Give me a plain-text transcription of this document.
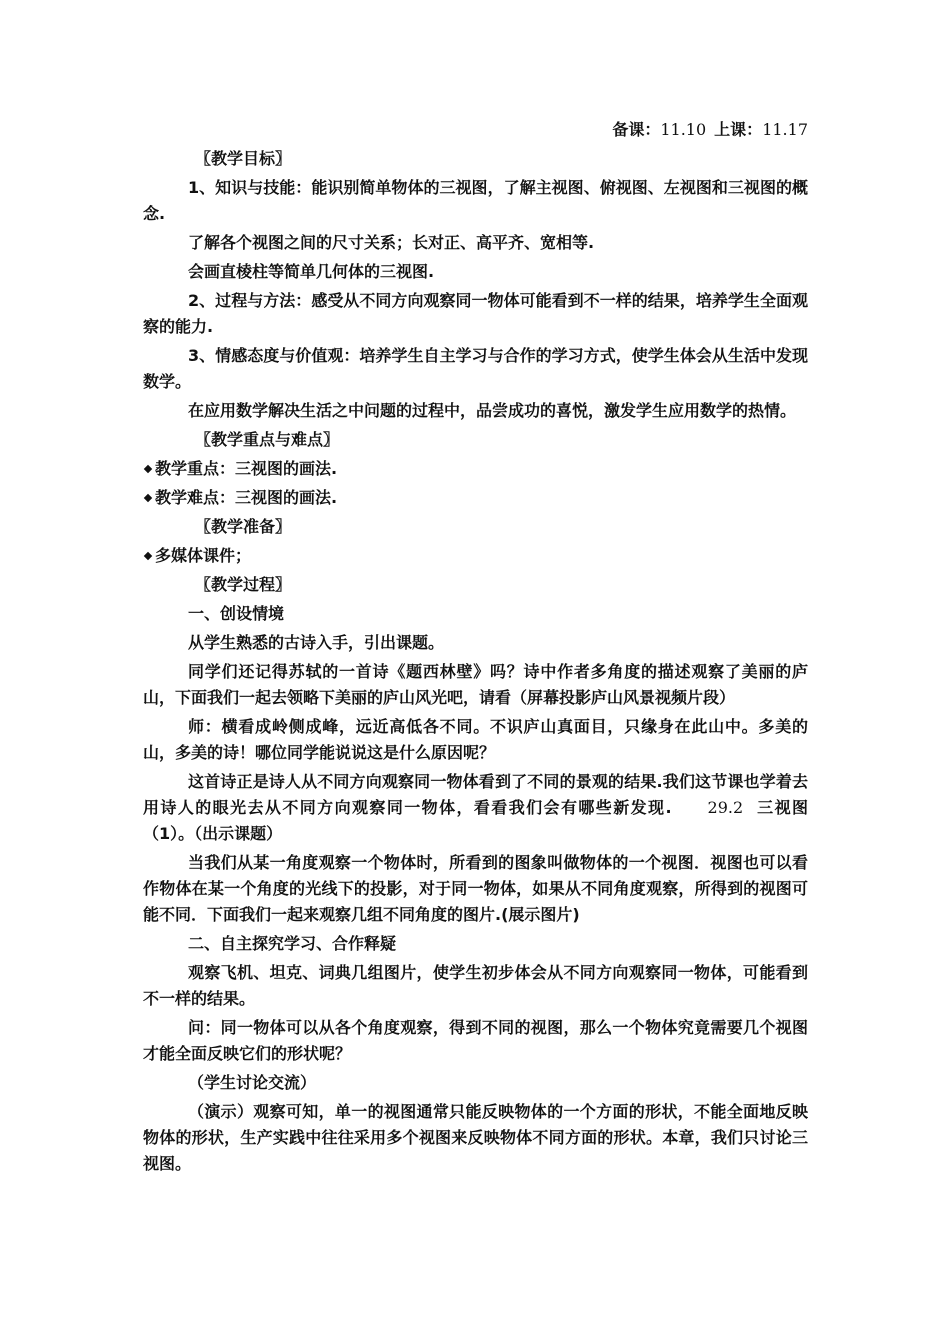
备课：11.10 上课：11.17
〖教学目标〗
1、知识与技能：能识别简单物体的三视图，了解主视图、俯视图、左视图和三视图的概念.
了解各个视图之间的尺寸关系；长对正、高平齐、宽相等.
会画直棱柱等简单几何体的三视图.
2、过程与方法：感受从不同方向观察同一物体可能看到不一样的结果，培养学生全面观察的能力.
3、情感态度与价值观：培养学生自主学习与合作的学习方式，使学生体会从生活中发现数学。
在应用数学解决生活之中问题的过程中，品尝成功的喜悦，激发学生应用数学的热情。
〖教学重点与难点〗
教学重点：三视图的画法.
教学难点：三视图的画法.
〖教学准备〗
多媒体课件；
〖教学过程〗
一、创设情境
从学生熟悉的古诗入手，引出课题。
同学们还记得苏轼的一首诗《题西林壁》吗？诗中作者多角度的描述观察了美丽的庐山，下面我们一起去领略下美丽的庐山风光吧，请看（屏幕投影庐山风景视频片段）
师：横看成岭侧成峰，远近高低各不同。不识庐山真面目，只缘身在此山中。多美的山，多美的诗！哪位同学能说说这是什么原因呢？
这首诗正是诗人从不同方向观察同一物体看到了不同的景观的结果.我们这节课也学着去用诗人的眼光去从不同方向观察同一物体，看看我们会有哪些新发现. 29.2 三视图（1）。（出示课题）
当我们从某一角度观察一个物体时，所看到的图象叫做物体的一个视图．视图也可以看作物体在某一个角度的光线下的投影，对于同一物体，如果从不同角度观察，所得到的视图可能不同．下面我们一起来观察几组不同角度的图片.(展示图片)
二、自主探究学习、合作释疑
观察飞机、坦克、词典几组图片，使学生初步体会从不同方向观察同一物体，可能看到不一样的结果。
问：同一物体可以从各个角度观察，得到不同的视图，那么一个物体究竟需要几个视图才能全面反映它们的形状呢？
（学生讨论交流）
（演示）观察可知，单一的视图通常只能反映物体的一个方面的形状，不能全面地反映物体的形状，生产实践中往往采用多个视图来反映物体不同方面的形状。本章，我们只讨论三视图。
